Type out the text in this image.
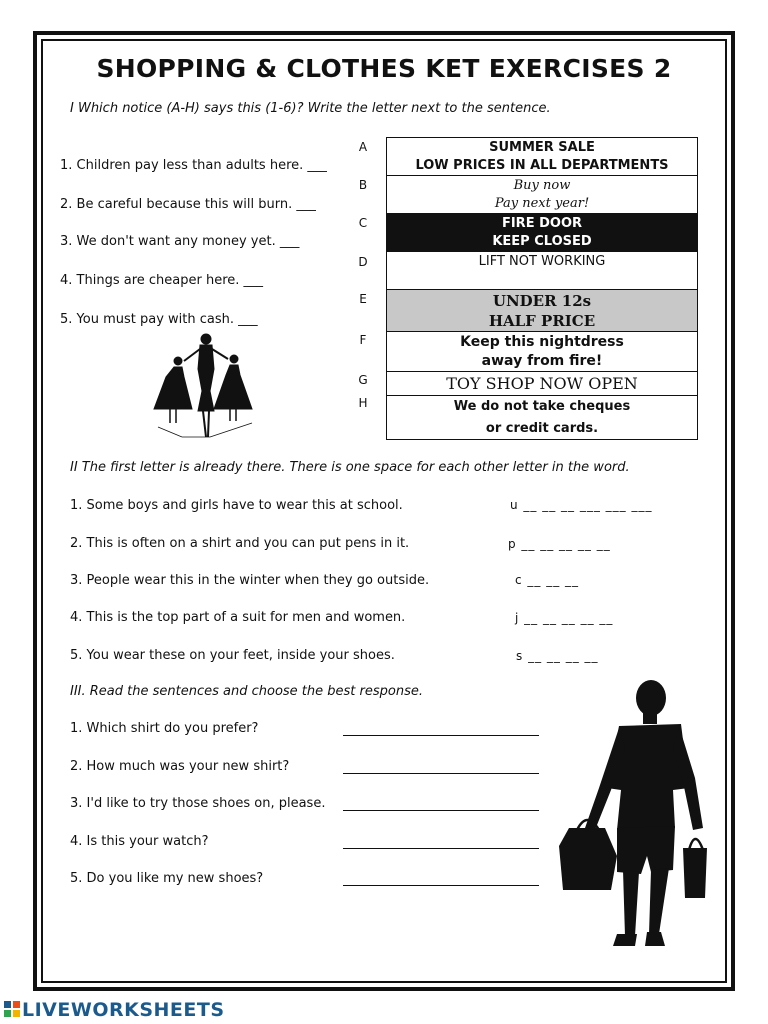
SHOPPING & CLOTHES KET EXERCISES 2
I Which notice (A-H) says this (1-6)? Write the letter next to the sentence.
1. Children pay less than adults here. ___
2. Be careful because this will burn. ___
3. We don't want any money yet. ___
4. Things are cheaper here. ___
5. You must pay with cash. ___
A
B
C
D
E
F
G
H
SUMMER SALE
LOW PRICES IN ALL DEPARTMENTS
Buy now
Pay next year!
FIRE DOOR
KEEP CLOSED
LIFT NOT WORKING
UNDER 12s
HALF PRICE
Keep this nightdress
away from fire!
TOY SHOP NOW OPEN
We do not take cheques
or credit cards.
II The first letter is already there. There is one space for each other letter in the word.
1. Some boys and girls have to wear this at school.
2. This is often on a shirt and you can put pens in it.
3. People wear this in the winter when they go outside.
4. This is the top part of a suit for men and women.
5. You wear these on your feet, inside your shoes.
u __ __ __ ___ ___ ___
p __ __ __ __ __
c __ __ __
j __ __ __ __ __
s __ __ __ __
III. Read the sentences and choose the best response.
1. Which shirt do you prefer?
2. How much was your new shirt?
3. I'd like to try those shoes on, please.
4. Is this your watch?
5. Do you like my new shoes?
LIVEWORKSHEETS
